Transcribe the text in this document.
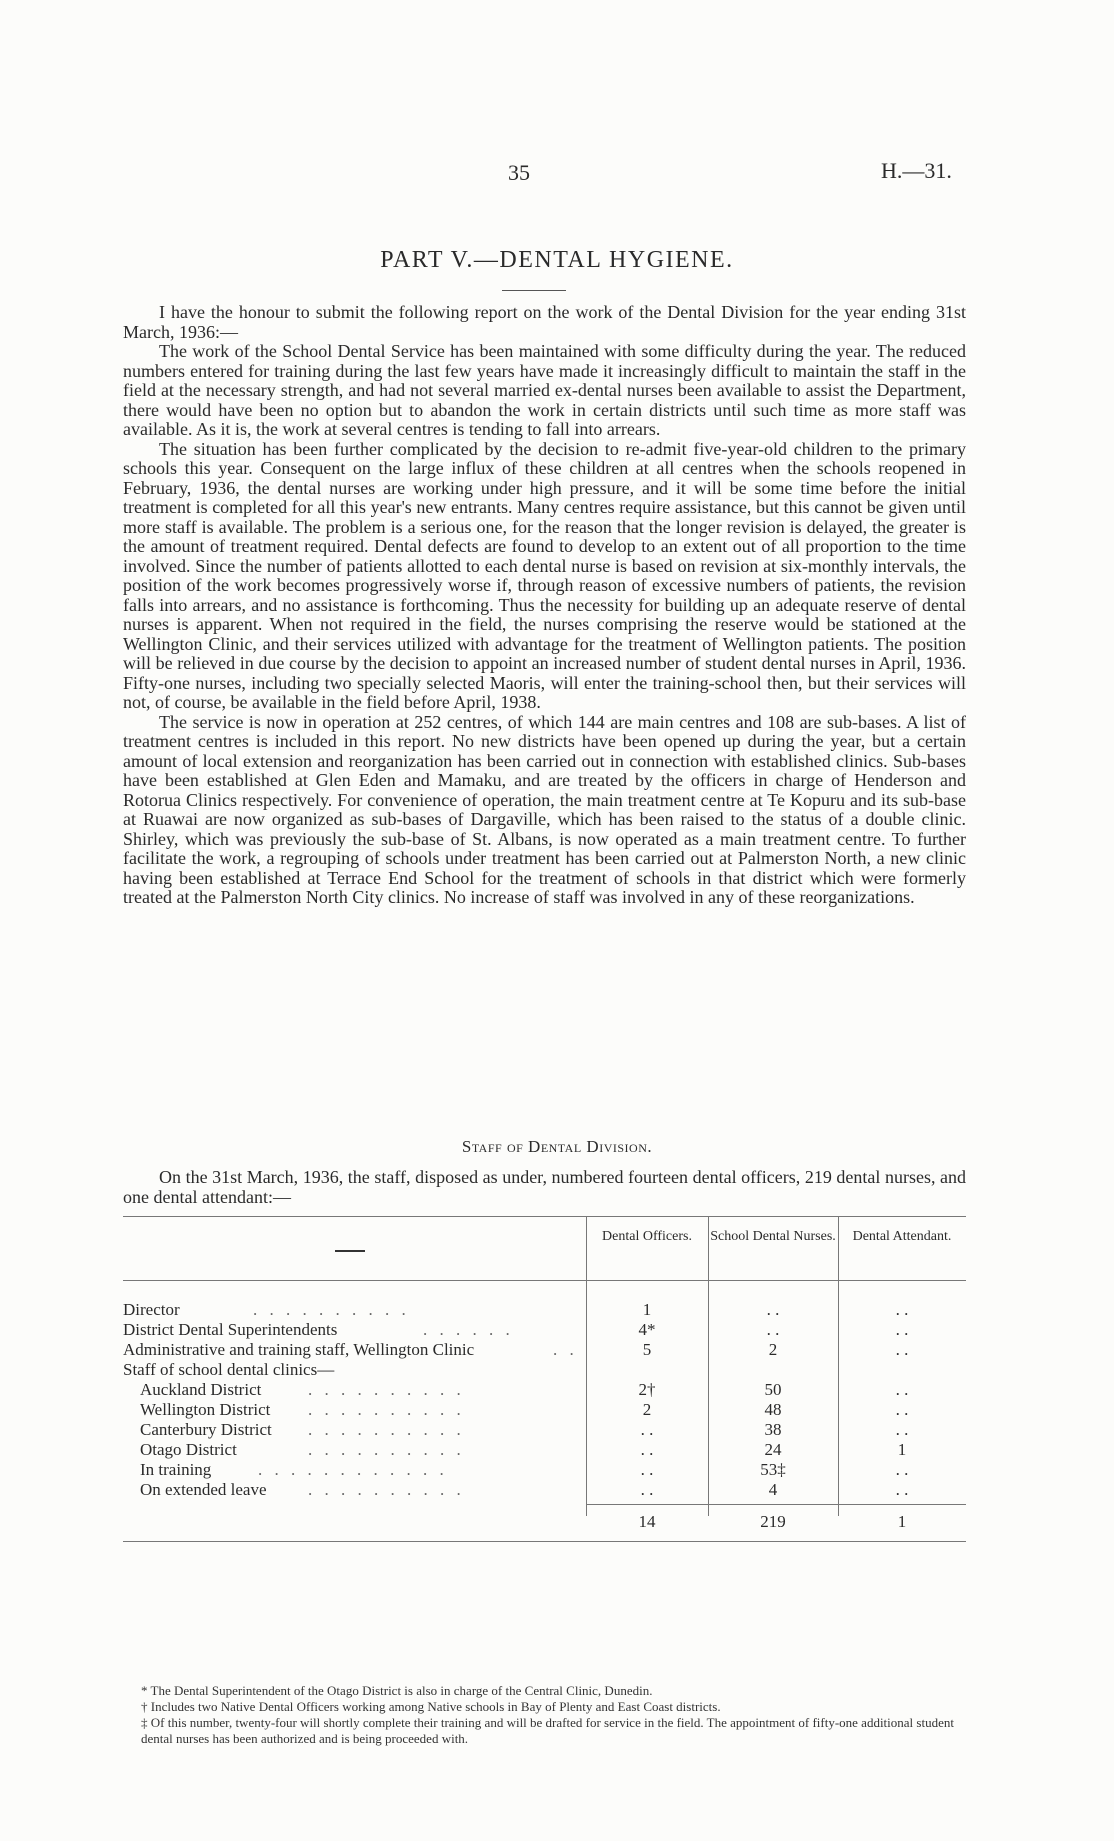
35	H.—31.
PART V.—DENTAL HYGIENE.

I have the honour to submit the following report on the work of the Dental Division for the year ending 31st March, 1936:—

The work of the School Dental Service has been maintained with some difficulty during the year. The reduced numbers entered for training during the last few years have made it increasingly difficult to maintain the staff in the field at the necessary strength, and had not several married ex-dental nurses been available to assist the Department, there would have been no option but to abandon the work in certain districts until such time as more staff was available. As it is, the work at several centres is tending to fall into arrears.

The situation has been further complicated by the decision to re-admit five-year-old children to the primary schools this year. Consequent on the large influx of these children at all centres when the schools reopened in February, 1936, the dental nurses are working under high pressure, and it will be some time before the initial treatment is completed for all this year's new entrants. Many centres require assistance, but this cannot be given until more staff is available. The problem is a serious one, for the reason that the longer revision is delayed, the greater is the amount of treatment required. Dental defects are found to develop to an extent out of all proportion to the time involved. Since the number of patients allotted to each dental nurse is based on revision at six-monthly intervals, the position of the work becomes progressively worse if, through reason of excessive numbers of patients, the revision falls into arrears, and no assistance is forthcoming. Thus the necessity for building up an adequate reserve of dental nurses is apparent. When not required in the field, the nurses comprising the reserve would be stationed at the Wellington Clinic, and their services utilized with advantage for the treatment of Wellington patients. The position will be relieved in due course by the decision to appoint an increased number of student dental nurses in April, 1936. Fifty-one nurses, including two specially selected Maoris, will enter the training-school then, but their services will not, of course, be available in the field before April, 1938.

The service is now in operation at 252 centres, of which 144 are main centres and 108 are sub-bases. A list of treatment centres is included in this report. No new districts have been opened up during the year, but a certain amount of local extension and reorganization has been carried out in connection with established clinics. Sub-bases have been established at Glen Eden and Mamaku, and are treated by the officers in charge of Henderson and Rotorua Clinics respectively. For convenience of operation, the main treatment centre at Te Kopuru and its sub-base at Ruawai are now organized as sub-bases of Dargaville, which has been raised to the status of a double clinic. Shirley, which was previously the sub-base of St. Albans, is now operated as a main treatment centre. To further facilitate the work, a regrouping of schools under treatment has been carried out at Palmerston North, a new clinic having been established at Terrace End School for the treatment of schools in that district which were formerly treated at the Palmerston North City clinics. No increase of staff was involved in any of these reorganizations.

Staff of Dental Division.

On the 31st March, 1936, the staff, disposed as under, numbered fourteen dental officers, 219 dental nurses, and one dental attendant:—

Dental Officers.	School Dental Nurses.	Dental Attendant.
Director	. . . . . . . . . .	1	. .	. .
District Dental Superintendents	. . . . . .	4*	. .	. .
Administrative and training staff, Wellington Clinic	. .	5	2	. .
Staff of school dental clinics—
Auckland District	. . . . . . . . . .	2†	50	. .
Wellington District . . . . . . . . . .	2	48	. .
Canterbury District . . . . . . . . . .	. .	38	. .
Otago District	. . . . . . . . . .	. .	24	1
In training	. . . . . . . . . . . .	. .	53‡	. .
On extended leave . . . . . . . . . .	. .	4	. .
14	219	1

* The Dental Superintendent of the Otago District is also in charge of the Central Clinic, Dunedin.

† Includes two Native Dental Officers working among Native schools in Bay of Plenty and East Coast districts.

‡ Of this number, twenty-four will shortly complete their training and will be drafted for service in the field. The appointment of fifty-one additional student dental nurses has been authorized and is being proceeded with.
